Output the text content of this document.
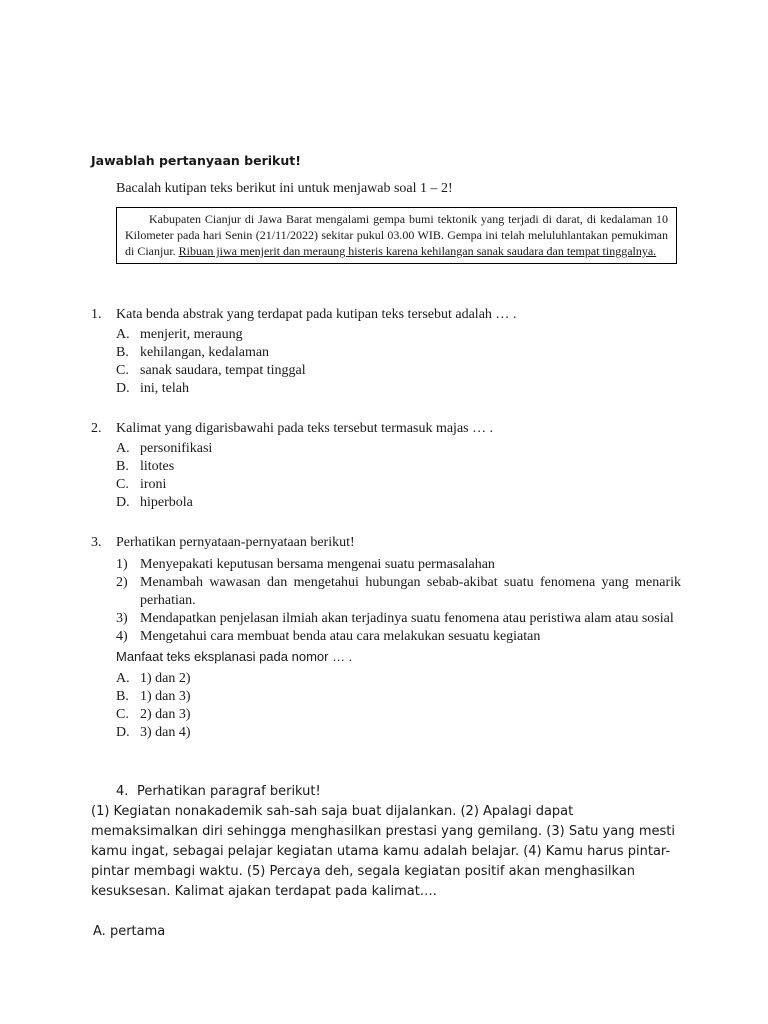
Jawablah pertanyaan berikut!
Bacalah kutipan teks berikut ini untuk menjawab soal 1 – 2!
Kabupaten Cianjur di Jawa Barat mengalami gempa bumi tektonik yang terjadi di darat, di kedalaman 10 Kilometer pada hari Senin (21/11/2022) sekitar pukul 03.00 WIB. Gempa ini telah meluluhlantakan pemukiman di Cianjur. Ribuan jiwa menjerit dan meraung histeris karena kehilangan sanak saudara dan tempat tinggalnya.
1.	Kata benda abstrak yang terdapat pada kutipan teks tersebut adalah … .
A. menjerit, meraung
B. kehilangan, kedalaman
C. sanak saudara, tempat tinggal
D. ini, telah
2.	Kalimat yang digarisbawahi pada teks tersebut termasuk majas … .
A. personifikasi
B. litotes
C. ironi
D. hiperbola
3.	Perhatikan pernyataan-pernyataan berikut!
1) Menyepakati keputusan bersama mengenai suatu permasalahan
2) Menambah wawasan dan mengetahui hubungan sebab-akibat suatu fenomena yang menarik perhatian.
3) Mendapatkan penjelasan ilmiah akan terjadinya suatu fenomena atau peristiwa alam atau sosial
4) Mengetahui cara membuat benda atau cara melakukan sesuatu kegiatan
Manfaat teks eksplanasi pada nomor … .
A. 1) dan 2)
B. 1) dan 3)
C. 2) dan 3)
D. 3) dan 4)
4. Perhatikan paragraf berikut!
(1) Kegiatan nonakademik sah-sah saja buat dijalankan. (2) Apalagi dapat memaksimalkan diri sehingga menghasilkan prestasi yang gemilang. (3) Satu yang mesti kamu ingat, sebagai pelajar kegiatan utama kamu adalah belajar. (4) Kamu harus pintar-pintar membagi waktu. (5) Percaya deh, segala kegiatan positif akan menghasilkan kesuksesan. Kalimat ajakan terdapat pada kalimat….
A. pertama
